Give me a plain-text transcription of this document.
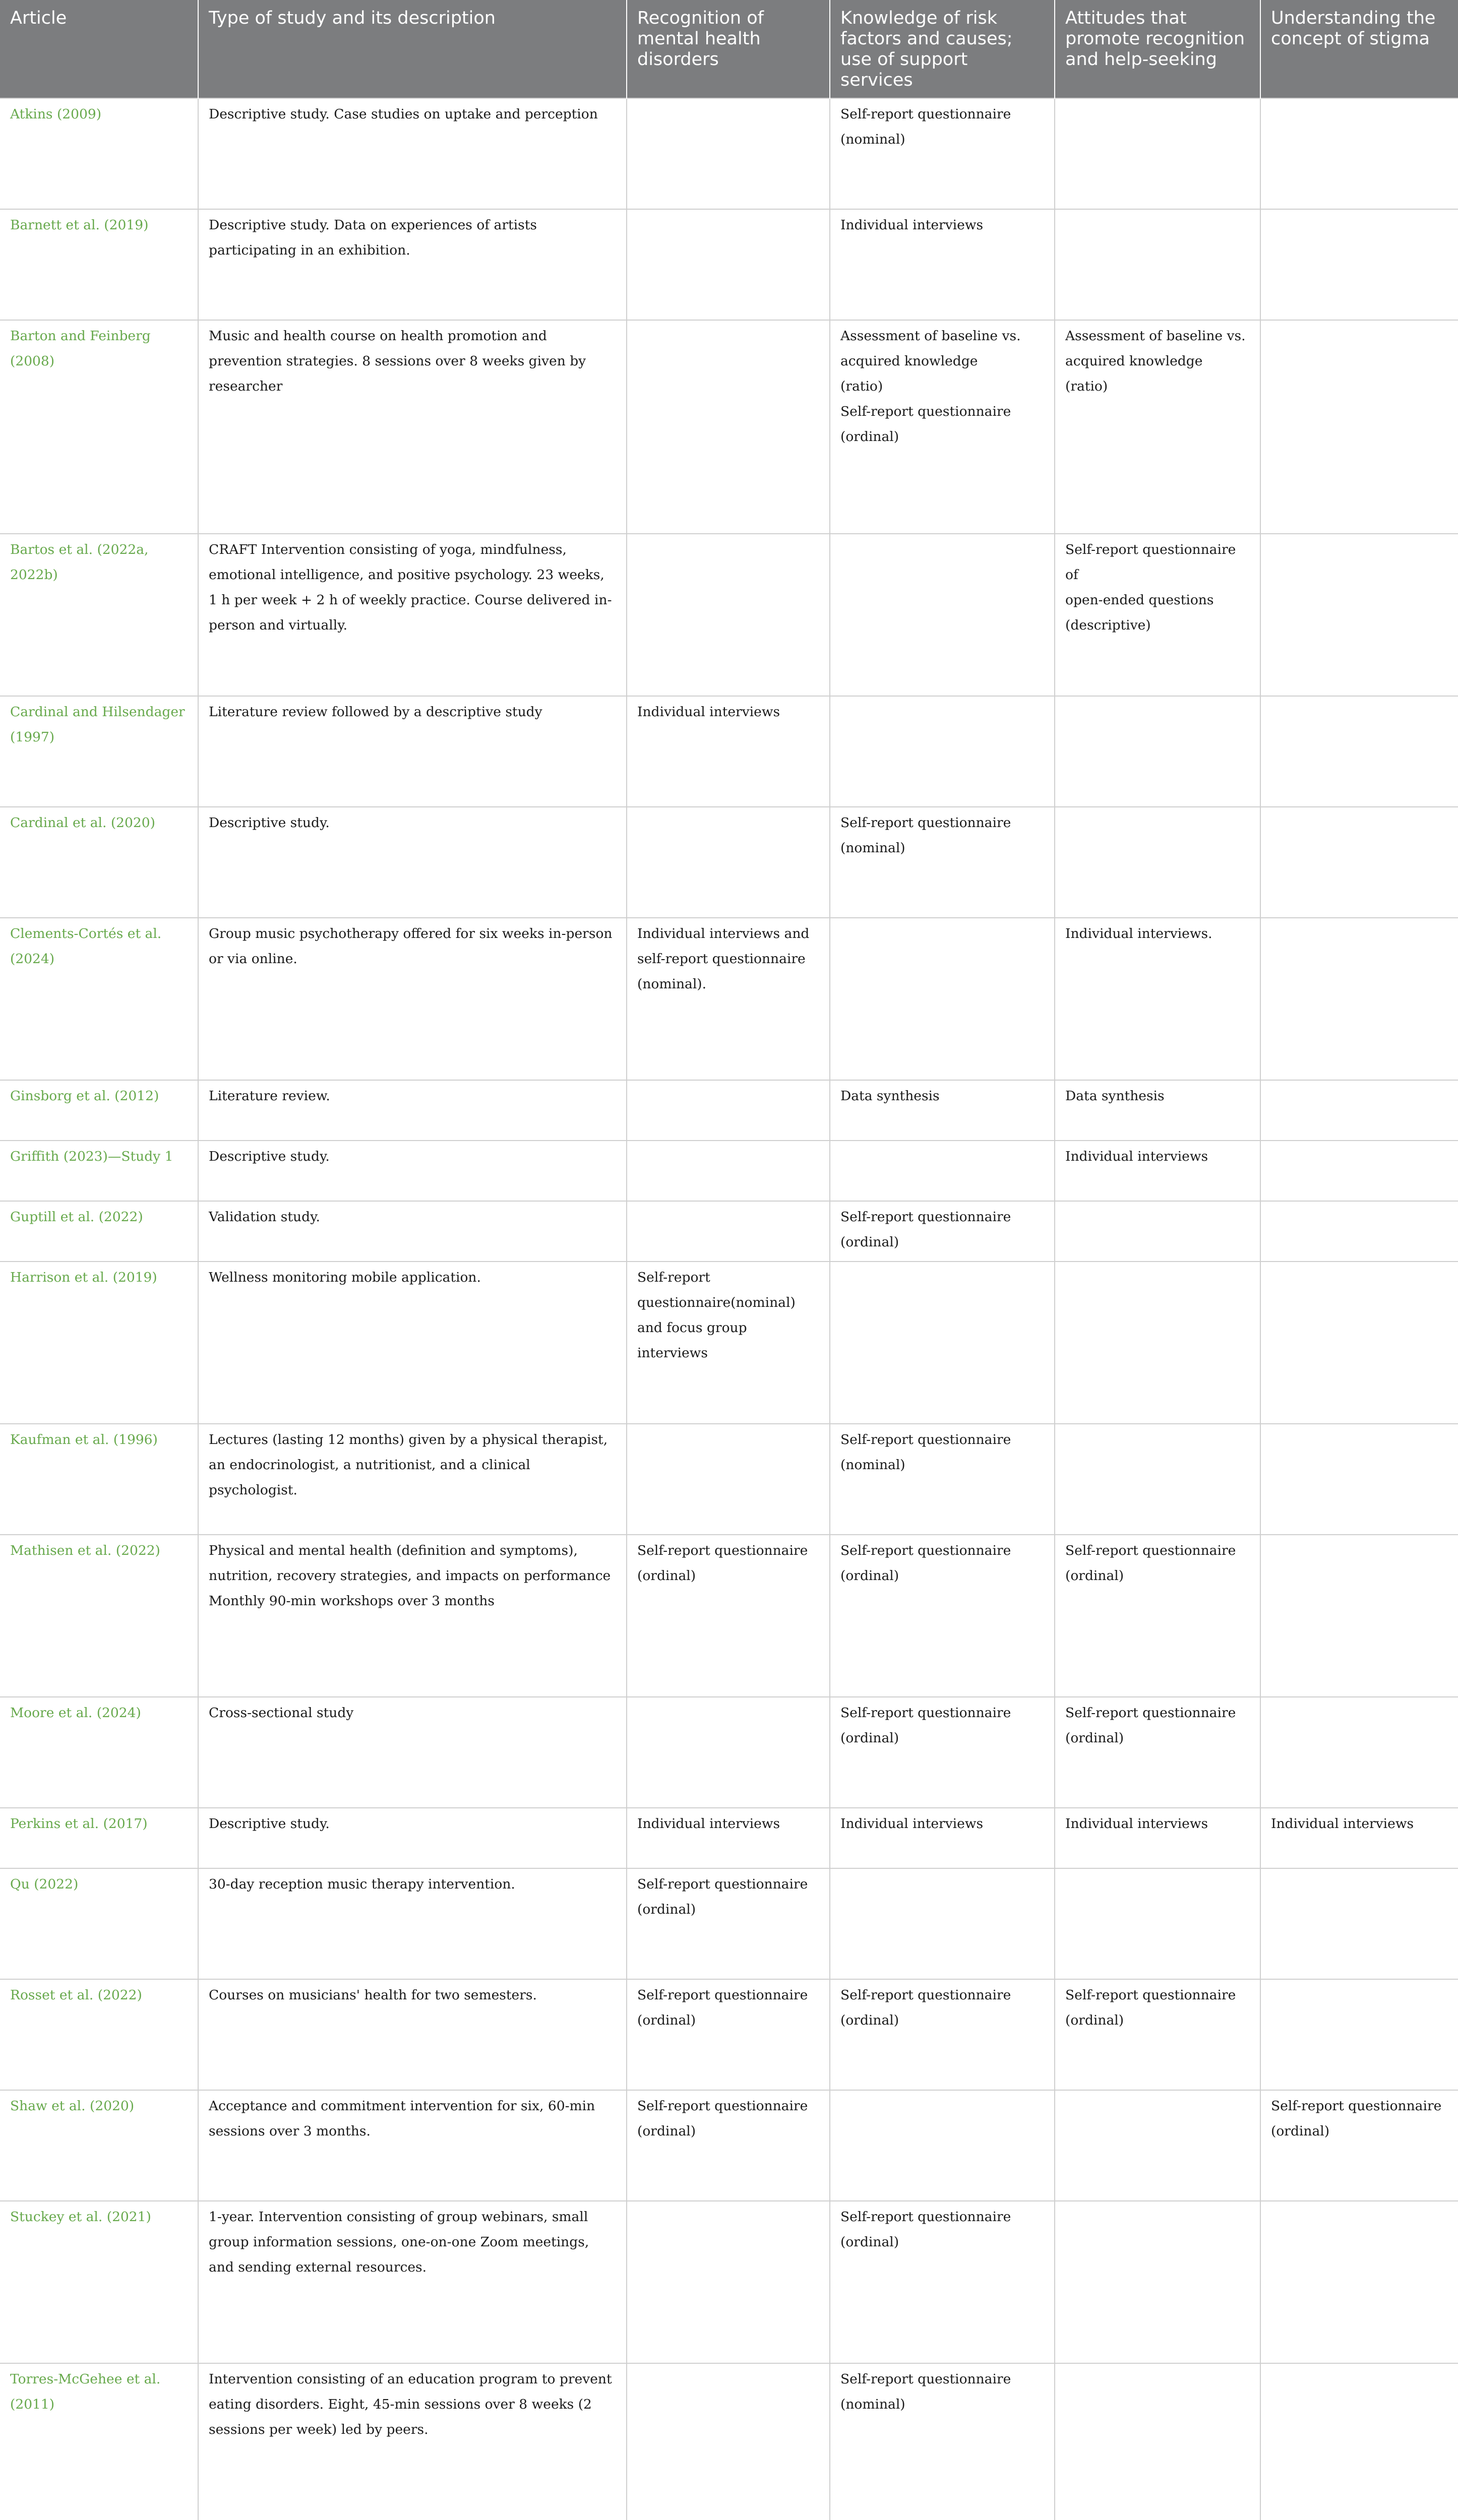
Article	Type of study and its description	Recognition of mental health disorders	Knowledge of risk factors and causes; use of support services	Attitudes that promote recognition and help-seeking	Understanding the concept of stigma
Atkins (2009)	Descriptive study. Case studies on uptake and perception		Self-report questionnaire
(nominal)		
Barnett et al. (2019)	Descriptive study. Data on experiences of artists participating in an exhibition.		Individual interviews		
Barton and Feinberg (2008)	Music and health course on health promotion and prevention strategies. 8 sessions over 8 weeks given by researcher		Assessment of baseline vs.
acquired knowledge
(ratio)
Self-report questionnaire (ordinal)	Assessment of baseline vs.
acquired knowledge
(ratio)	
Bartos et al. (2022a, 2022b)	CRAFT Intervention consisting of yoga, mindfulness, emotional intelligence, and positive psychology. 23 weeks, 1 h per week + 2 h of weekly practice. Course delivered in-person and virtually.			Self-report questionnaire of
open-ended questions
(descriptive)	
Cardinal and Hilsendager (1997)	Literature review followed by a descriptive study	Individual interviews			
Cardinal et al. (2020)	Descriptive study.		Self-report questionnaire
(nominal)		
Clements-Cortés et al. (2024)	Group music psychotherapy offered for six weeks in-person or via online.	Individual interviews and self-report questionnaire (nominal).		Individual interviews.	
Ginsborg et al. (2012)	Literature review.		Data synthesis	Data synthesis	
Griffith (2023)—Study 1	Descriptive study.			Individual interviews	
Guptill et al. (2022)	Validation study.		Self-report questionnaire (ordinal)		
Harrison et al. (2019)	Wellness monitoring mobile application.	Self-report questionnaire(nominal) and focus group interviews			
Kaufman et al. (1996)	Lectures (lasting 12 months) given by a physical therapist, an endocrinologist, a nutritionist, and a clinical psychologist.		Self-report questionnaire
(nominal)		
Mathisen et al. (2022)	Physical and mental health (definition and symptoms), nutrition, recovery strategies, and impacts on performance
Monthly 90-min workshops over 3 months	Self-report questionnaire
(ordinal)	Self-report questionnaire (ordinal)	Self-report questionnaire
(ordinal)	
Moore et al. (2024)	Cross-sectional study		Self-report questionnaire (ordinal)	Self-report questionnaire
(ordinal)	
Perkins et al. (2017)	Descriptive study.	Individual interviews	Individual interviews	Individual interviews	Individual interviews
Qu (2022)	30-day reception music therapy intervention.	Self-report questionnaire
(ordinal)			
Rosset et al. (2022)	Courses on musicians' health for two semesters.	Self-report questionnaire
(ordinal)	Self-report questionnaire (ordinal)	Self-report questionnaire
(ordinal)	
Shaw et al. (2020)	Acceptance and commitment intervention for six, 60-min sessions over 3 months.	Self-report questionnaire
(ordinal)			Self-report questionnaire
(ordinal)
Stuckey et al. (2021)	1-year. Intervention consisting of group webinars, small group information sessions, one-on-one Zoom meetings, and sending external resources.		Self-report questionnaire (ordinal)		
Torres-McGehee et al. (2011)	Intervention consisting of an education program to prevent eating disorders. Eight, 45-min sessions over 8 weeks (2 sessions per week) led by peers.		Self-report questionnaire
(nominal)		
